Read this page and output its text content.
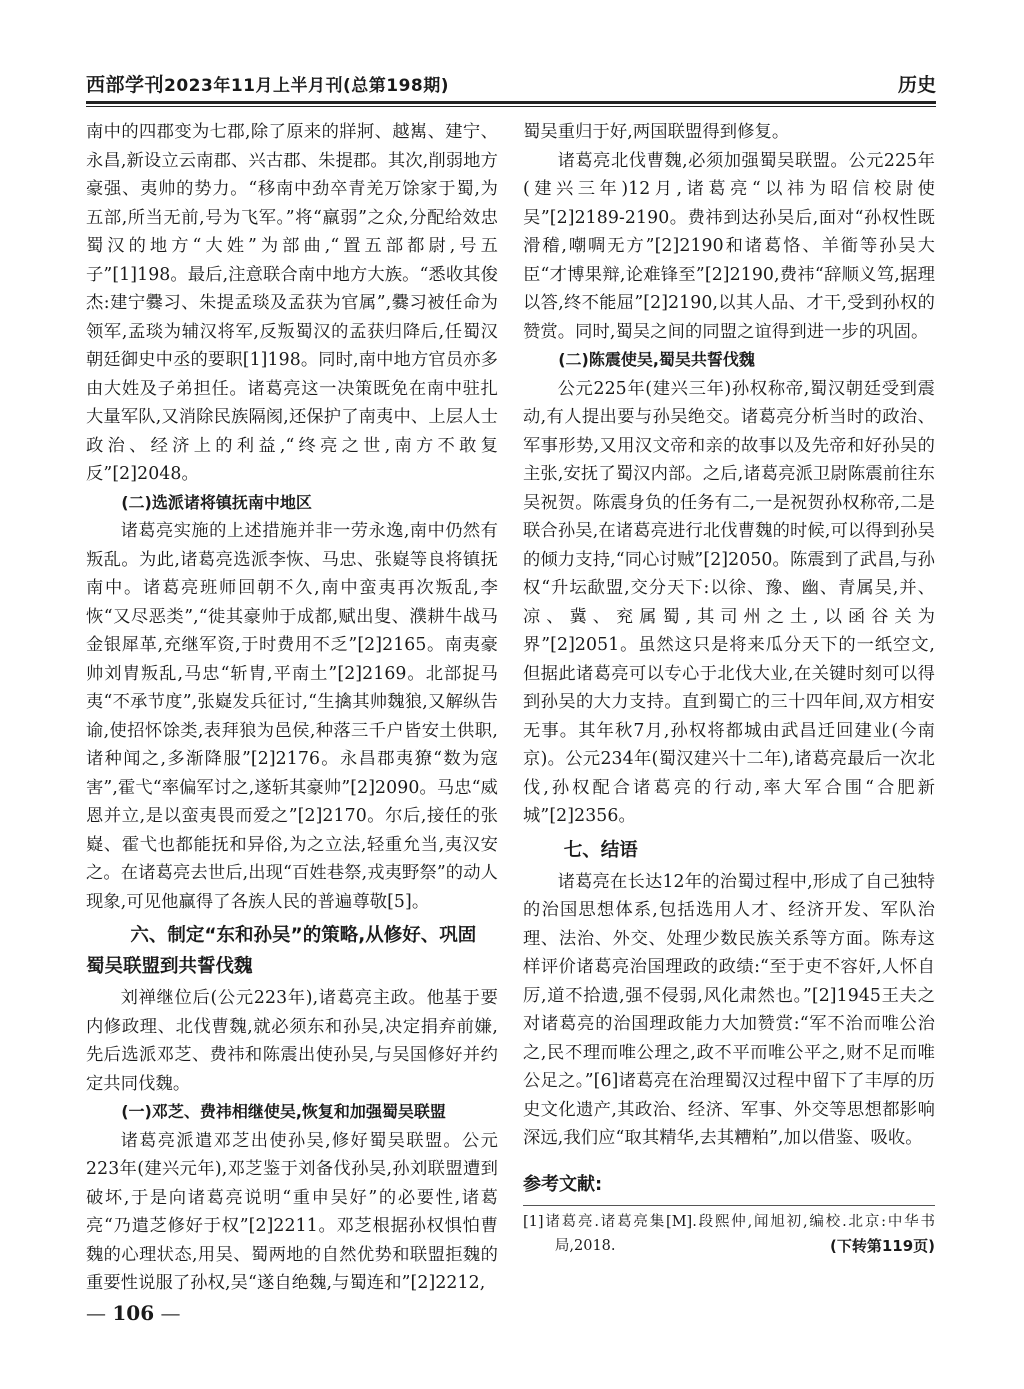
西部学刊2023年11月上半月刊(总第198期)	历史

南中的四郡变为七郡,除了原来的牂牁、越嶲、建宁、永昌,新设立云南郡、兴古郡、朱提郡。其次,削弱地方豪强、夷帅的势力。“移南中劲卒青羌万馀家于蜀,为五部,所当无前,号为飞军。”将“羸弱”之众,分配给效忠蜀汉的地方“大姓”为部曲,“置五部都尉,号五子”[1]198。最后,注意联合南中地方大族。“悉收其俊杰:建宁爨习、朱提孟琰及孟获为官属”,爨习被任命为领军,孟琰为辅汉将军,反叛蜀汉的孟获归降后,任蜀汉朝廷御史中丞的要职[1]198。同时,南中地方官员亦多由大姓及子弟担任。诸葛亮这一决策既免在南中驻扎大量军队,又消除民族隔阂,还保护了南夷中、上层人士政治、经济上的利益,“终亮之世,南方不敢复反”[2]2048。

(二)选派诸将镇抚南中地区

诸葛亮实施的上述措施并非一劳永逸,南中仍然有叛乱。为此,诸葛亮选派李恢、马忠、张嶷等良将镇抚南中。诸葛亮班师回朝不久,南中蛮夷再次叛乱,李恢“又尽恶类”,“徙其豪帅于成都,赋出叟、濮耕牛战马金银犀革,充继军资,于时费用不乏”[2]2165。南夷豪帅刘胄叛乱,马忠“斩胄,平南土”[2]2169。北部捉马夷“不承节度”,张嶷发兵征讨,“生擒其帅魏狼,又解纵告谕,使招怀馀类,表拜狼为邑侯,种落三千户皆安土供职,诸种闻之,多渐降服”[2]2176。永昌郡夷獠“数为寇害”,霍弋“率偏军讨之,遂斩其豪帅”[2]2090。马忠“威恩并立,是以蛮夷畏而爱之”[2]2170。尔后,接任的张嶷、霍弋也都能抚和异俗,为之立法,轻重允当,夷汉安之。在诸葛亮去世后,出现“百姓巷祭,戎夷野祭”的动人现象,可见他赢得了各族人民的普遍尊敬[5]。

六、制定“东和孙吴”的策略,从修好、巩固
蜀吴联盟到共誓伐魏

刘禅继位后(公元223年),诸葛亮主政。他基于要内修政理、北伐曹魏,就必须东和孙吴,决定捐弃前嫌,先后选派邓芝、费祎和陈震出使孙吴,与吴国修好并约定共同伐魏。

(一)邓芝、费祎相继使吴,恢复和加强蜀吴联盟

诸葛亮派遣邓芝出使孙吴,修好蜀吴联盟。公元223年(建兴元年),邓芝鉴于刘备伐孙吴,孙刘联盟遭到破坏,于是向诸葛亮说明“重申吴好”的必要性,诸葛亮“乃遣芝修好于权”[2]2211。邓芝根据孙权惧怕曹魏的心理状态,用吴、蜀两地的自然优势和联盟拒魏的重要性说服了孙权,吴“遂自绝魏,与蜀连和”[2]2212,

蜀吴重归于好,两国联盟得到修复。

诸葛亮北伐曹魏,必须加强蜀吴联盟。公元225年(建兴三年)12月,诸葛亮“以祎为昭信校尉使吴”[2]2189-2190。费祎到达孙吴后,面对“孙权性既滑稽,嘲啁无方”[2]2190和诸葛恪、羊衜等孙吴大臣“才博果辩,论难锋至”[2]2190,费祎“辞顺义笃,据理以答,终不能屈”[2]2190,以其人品、才干,受到孙权的赞赏。同时,蜀吴之间的同盟之谊得到进一步的巩固。

(二)陈震使吴,蜀吴共誓伐魏

公元225年(建兴三年)孙权称帝,蜀汉朝廷受到震动,有人提出要与孙吴绝交。诸葛亮分析当时的政治、军事形势,又用汉文帝和亲的故事以及先帝和好孙吴的主张,安抚了蜀汉内部。之后,诸葛亮派卫尉陈震前往东吴祝贺。陈震身负的任务有二,一是祝贺孙权称帝,二是联合孙吴,在诸葛亮进行北伐曹魏的时候,可以得到孙吴的倾力支持,“同心讨贼”[2]2050。陈震到了武昌,与孙权“升坛歃盟,交分天下:以徐、豫、幽、青属吴,并、凉、冀、兖属蜀,其司州之土,以函谷关为界”[2]2051。虽然这只是将来瓜分天下的一纸空文,但据此诸葛亮可以专心于北伐大业,在关键时刻可以得到孙吴的大力支持。直到蜀亡的三十四年间,双方相安无事。其年秋7月,孙权将都城由武昌迁回建业(今南京)。公元234年(蜀汉建兴十二年),诸葛亮最后一次北伐,孙权配合诸葛亮的行动,率大军合围“合肥新城”[2]2356。

七、结语

诸葛亮在长达12年的治蜀过程中,形成了自己独特的治国思想体系,包括选用人才、经济开发、军队治理、法治、外交、处理少数民族关系等方面。陈寿这样评价诸葛亮治国理政的政绩:“至于吏不容奸,人怀自厉,道不拾遗,强不侵弱,风化肃然也。”[2]1945王夫之对诸葛亮的治国理政能力大加赞赏:“军不治而唯公治之,民不理而唯公理之,政不平而唯公平之,财不足而唯公足之。”[6]诸葛亮在治理蜀汉过程中留下了丰厚的历史文化遗产,其政治、经济、军事、外交等思想都影响深远,我们应“取其精华,去其糟粕”,加以借鉴、吸收。

参考文献:
[1]诸葛亮.诸葛亮集[M].段熙仲,闻旭初,编校.北京:中华书局,2018.	(下转第119页)
— 106 —
